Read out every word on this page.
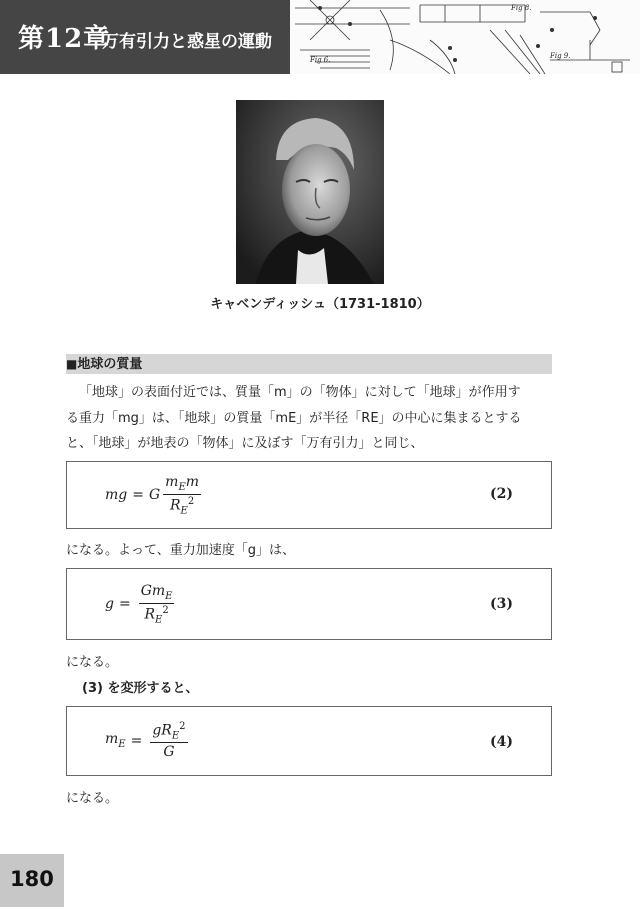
第12章
万有引力と惑星の運動
Fig 8.
Fig 6.	Fig 9.
キャベンディッシュ（1731-1810）
■地球の質量

「地球」の表面付近では、質量「m」の「物体」に対して「地球」が作用す

る重力「mg」は、「地球」の質量「mE」が半径「RE」の中心に集まるとする

と、「地球」が地表の「物体」に及ぼす「万有引力」と同じ、

mg = G $\frac{m_Em}{R_E^2}$	(2)

になる。よって、重力加速度「g」は、

$g = \frac{Gm_E}{R_E^2}$	(3)

になる。

(3) を変形すると、

$m_E = \frac{gR_E^2}{G}$	(4)

になる。

180
